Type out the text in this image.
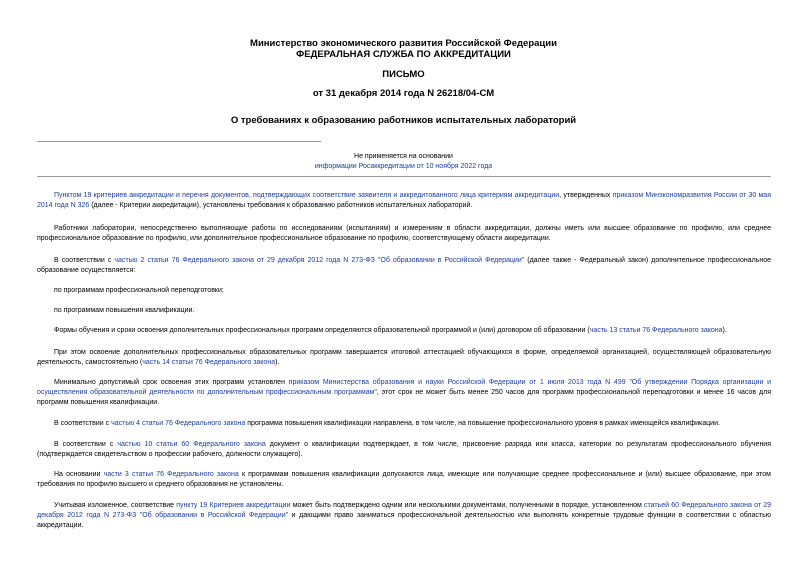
Министерство экономического развития Российской Федерации
ФЕДЕРАЛЬНАЯ СЛУЖБА ПО АККРЕДИТАЦИИ
ПИСЬМО
от 31 декабря 2014 года N 26218/04-СМ
О требованиях к образованию работников испытательных лабораторий
Не применяется на основании
информации Росаккредитации от 10 ноября 2022 года
Пунктом 19 критериев аккредитации и перечня документов, подтверждающих соответствие заявителя и аккредитованного лица критериям аккредитации, утвержденных приказом Минэкономразвития России от 30 мая 2014 года N 326 (далее - Критерии аккредитации), установлены требования к образованию работников испытательных лабораторий.
Работники лаборатории, непосредственно выполняющие работы по исследованиям (испытаниям) и измерениям в области аккредитации, должны иметь или высшее образование по профилю, или среднее профессиональное образование по профилю, или дополнительное профессиональное образование по профилю, соответствующему области аккредитации.
В соответствии с частью 2 статьи 76 Федерального закона от 29 декабря 2012 года N 273-ФЗ "Об образовании в Российской Федерации" (далее также - Федеральный закон) дополнительное профессиональное образование осуществляется:
по программам профессиональной переподготовки;
по программам повышения квалификации.
Формы обучения и сроки освоения дополнительных профессиональных программ определяются образовательной программой и (или) договором об образовании (часть 13 статьи 76 Федерального закона).
При этом освоение дополнительных профессиональных образовательных программ завершается итоговой аттестацией обучающихся в форме, определяемой организацией, осуществляющей образовательную деятельность, самостоятельно (часть 14 статьи 76 Федерального закона).
Минимально допустимый срок освоения этих программ установлен приказом Министерства образования и науки Российской Федерации от 1 июля 2013 года N 499 "Об утверждении Порядка организации и осуществления образовательной деятельности по дополнительным профессиональным программам", этот срок не может быть менее 250 часов для программ профессиональной переподготовки и менее 16 часов для программ повышения квалификации.
В соответствии с частью 4 статьи 76 Федерального закона программа повышения квалификации направлена, в том числе, на повышение профессионального уровня в рамках имеющейся квалификации.
В соответствии с частью 10 статьи 60 Федерального закона документ о квалификации подтверждает, в том числе, присвоение разряда или класса, категории по результатам профессионального обучения (подтверждается свидетельством о профессии рабочего, должности служащего).
На основании части 3 статьи 76 Федерального закона к программам повышения квалификации допускаются лица, имеющие или получающие среднее профессиональное и (или) высшее образование, при этом требования по профилю высшего и среднего образования не установлены.
Учитывая изложенное, соответствие пункту 19 Критериев аккредитации может быть подтверждено одним или несколькими документами, полученными в порядке, установленном статьей 60 Федерального закона от 29 декабря 2012 года N 273-ФЗ "Об образовании в Российской Федерации" и дающими право заниматься профессиональной деятельностью или выполнять конкретные трудовые функции в соответствии с областью аккредитации.
